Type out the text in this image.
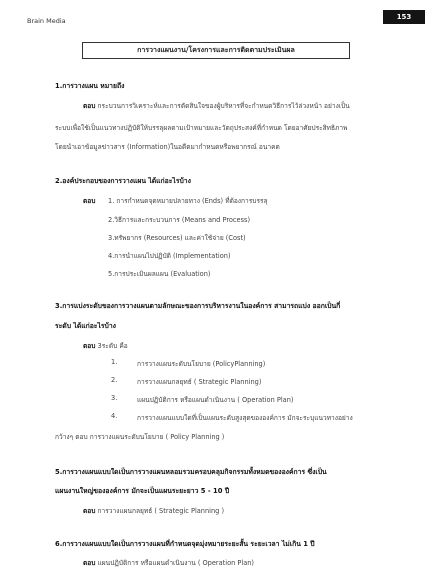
Brain Media	153
การวางแผนงาน/โครงการและการติดตามประเมินผล
1.การวางแผน หมายถึง
ตอบ กระบวนการวิเคราะห์และการตัดสินใจของผู้บริหารที่จะกำหนดวิธีการไว้ล่วงหน้า อย่างเป็น
ระบบเพื่อใช้เป็นแนวทางปฏิบัติให้บรรลุผลตามเป้าหมายและวัตถุประสงค์ที่กำหนด โดยอาศัยประสิทธิภาพ
โดยนำเอาข้อมูลข่าวสาร (Information)ในอดีตมากำหนดหรือพยากรณ์ อนาคต
2.องค์ประกอบของการวางแผน ได้แก่อะไรบ้าง
ตอบ 1. การกำหนดจุดหมายปลายทาง (Ends) ที่ต้องการบรรลุ
2.วิธีการและกระบวนการ (Means and Process)
3.ทรัพยากร (Resources) และค่าใช้จ่าย (Cost)
4.การนำแผนไปปฏิบัติ (Implementation)
5.การประเมินผลแผน (Evaluation)
3.การแบ่งระดับของการวางแผนตามลักษณะของการบริหารงานในองค์การ สามารถแบ่ง ออกเป็นกี่
ระดับ ได้แก่อะไรบ้าง
ตอบ 3ระดับ คือ
1.	การวางแผนระดับนโยบาย (PolicyPlanning)
2.	การวางแผนกลยุทธ์ ( Strategic Planning)
3.	แผนปฏิบัติการ หรือแผนดำเนินงาน ( Operation Plan)
4.	การวางแผนแบบใดที่เป็นแผนระดับสูงสุดขององค์การ มักจะระบุแนวทางอย่าง
กว้างๆ ตอบ การวางแผนระดับนโยบาย ( Policy Planning )
5.การวางแผนแบบใดเป็นการวางแผนหลอมรวมครอบคลุมกิจกรรมทั้งหมดขององค์การ ซึ่งเป็น
แผนงานใหญ่ขององค์การ มักจะเป็นแผนระยะยาว 5 - 10 ปี
ตอบ การวางแผนกลยุทธ์ ( Strategic Planning )
6.การวางแผนแบบใดเป็นการวางแผนที่กำหนดจุดมุ่งหมายระยะสั้น ระยะเวลา ไม่เกิน 1 ปี
ตอบ แผนปฏิบัติการ หรือแผนดำเนินงาน ( Operation Plan)
